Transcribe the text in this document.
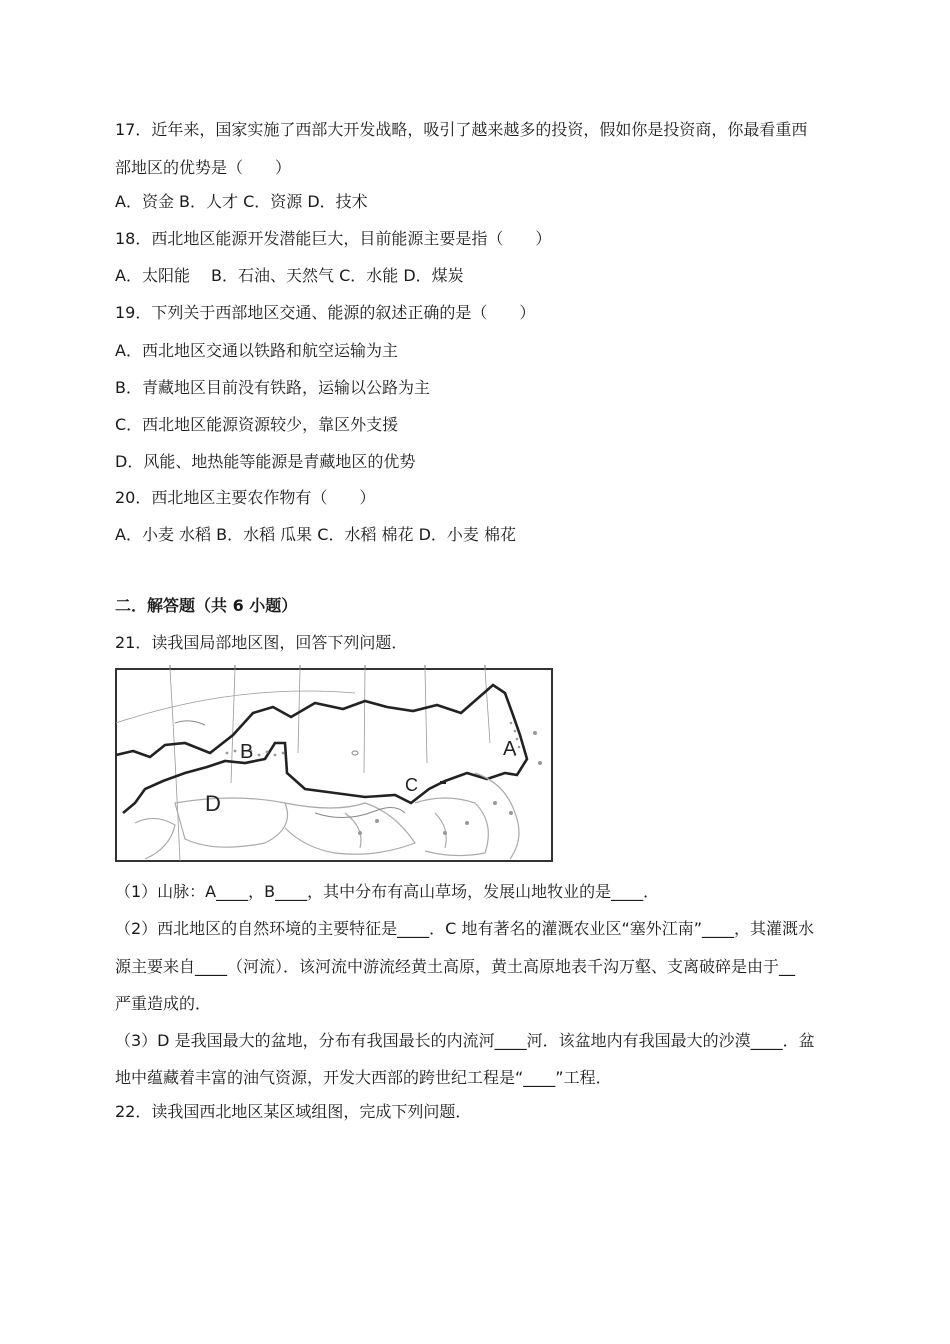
17．近年来，国家实施了西部大开发战略，吸引了越来越多的投资，假如你是投资商，你最看重西
部地区的优势是（　　）
A．资金 B．人才 C．资源 D．技术
18．西北地区能源开发潜能巨大，目前能源主要是指（　　）
A．太阳能　 B．石油、天然气 C．水能 D．煤炭
19．下列关于西部地区交通、能源的叙述正确的是（　　）
A．西北地区交通以铁路和航空运输为主
B．青藏地区目前没有铁路，运输以公路为主
C．西北地区能源资源较少，靠区外支援
D．风能、地热能等能源是青藏地区的优势
20．西北地区主要农作物有（　　）
A．小麦 水稻 B．水稻 瓜果 C．水稻 棉花 D．小麦 棉花
二．解答题（共 6 小题）
21．读我国局部地区图，回答下列问题．
B	A
C
D
（1）山脉：A____，B____，其中分布有高山草场，发展山地牧业的是____．
（2）西北地区的自然环境的主要特征是____．C 地有著名的灌溉农业区“塞外江南”____，其灌溉水
源主要来自____（河流）．该河流中游流经黄土高原，黄土高原地表千沟万壑、支离破碎是由于__
严重造成的．
（3）D 是我国最大的盆地，分布有我国最长的内流河____河．该盆地内有我国最大的沙漠____．盆
地中蕴藏着丰富的油气资源，开发大西部的跨世纪工程是“____”工程．
22．读我国西北地区某区域组图，完成下列问题．
